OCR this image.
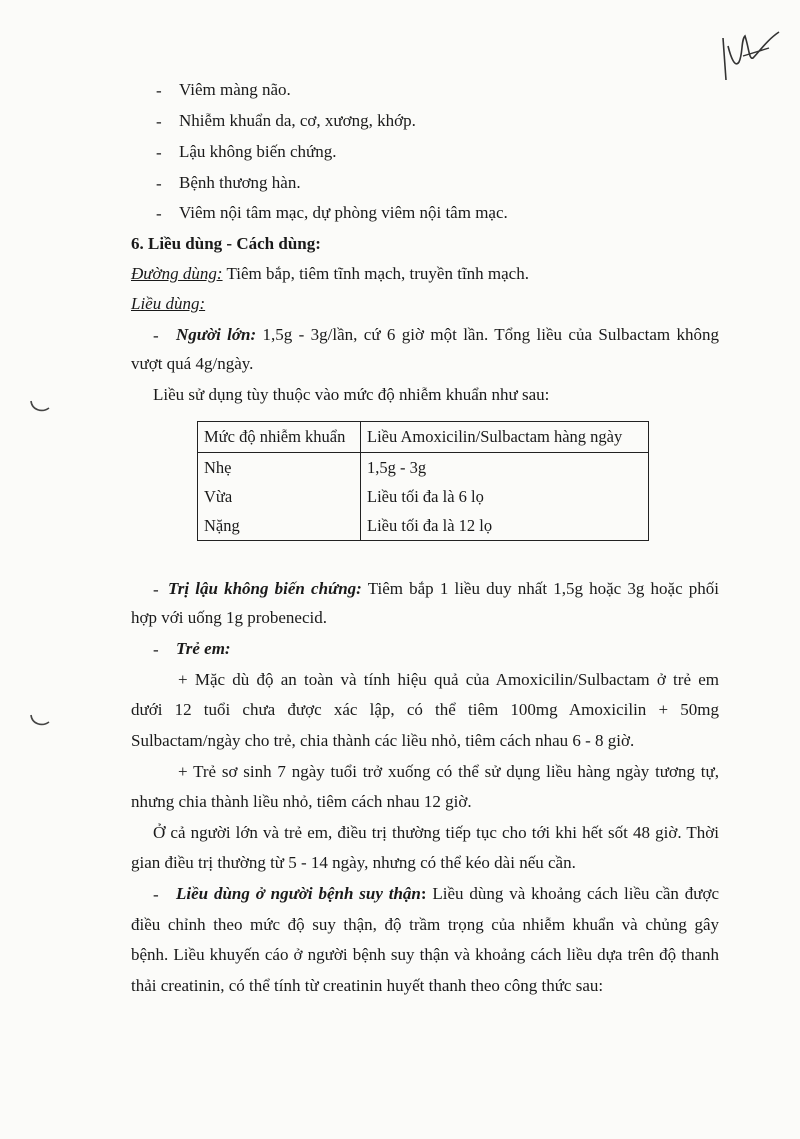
- Viêm màng não.
- Nhiễm khuẩn da, cơ, xương, khớp.
- Lậu không biến chứng.
- Bệnh thương hàn.
- Viêm nội tâm mạc, dự phòng viêm nội tâm mạc.
6. Liều dùng - Cách dùng:
Đường dùng: Tiêm bắp, tiêm tĩnh mạch, truyền tĩnh mạch.
Liều dùng:
- Người lớn: 1,5g - 3g/lần, cứ 6 giờ một lần. Tổng liều của Sulbactam không
vượt quá 4g/ngày.
Liều sử dụng tùy thuộc vào mức độ nhiễm khuẩn như sau:
Mức độ nhiễm khuẩn	Liều Amoxicilin/Sulbactam hàng ngày
Nhẹ	1,5g - 3g
Vừa	Liều tối đa là 6 lọ
Nặng	Liều tối đa là 12 lọ
- Trị lậu không biến chứng: Tiêm bắp 1 liều duy nhất 1,5g hoặc 3g hoặc phối
hợp với uống 1g probenecid.
- Trẻ em:
+ Mặc dù độ an toàn và tính hiệu quả của Amoxicilin/Sulbactam ở trẻ em
dưới 12 tuổi chưa được xác lập, có thể tiêm 100mg Amoxicilin + 50mg
Sulbactam/ngày cho trẻ, chia thành các liều nhỏ, tiêm cách nhau 6 - 8 giờ.
+ Trẻ sơ sinh 7 ngày tuổi trở xuống có thể sử dụng liều hàng ngày tương tự,
nhưng chia thành liều nhỏ, tiêm cách nhau 12 giờ.
Ở cả người lớn và trẻ em, điều trị thường tiếp tục cho tới khi hết sốt 48 giờ. Thời
gian điều trị thường từ 5 - 14 ngày, nhưng có thể kéo dài nếu cần.
- Liều dùng ở người bệnh suy thận: Liều dùng và khoảng cách liều cần được
điều chỉnh theo mức độ suy thận, độ trầm trọng của nhiễm khuẩn và chủng gây
bệnh. Liều khuyến cáo ở người bệnh suy thận và khoảng cách liều dựa trên độ thanh
thải creatinin, có thể tính từ creatinin huyết thanh theo công thức sau:
